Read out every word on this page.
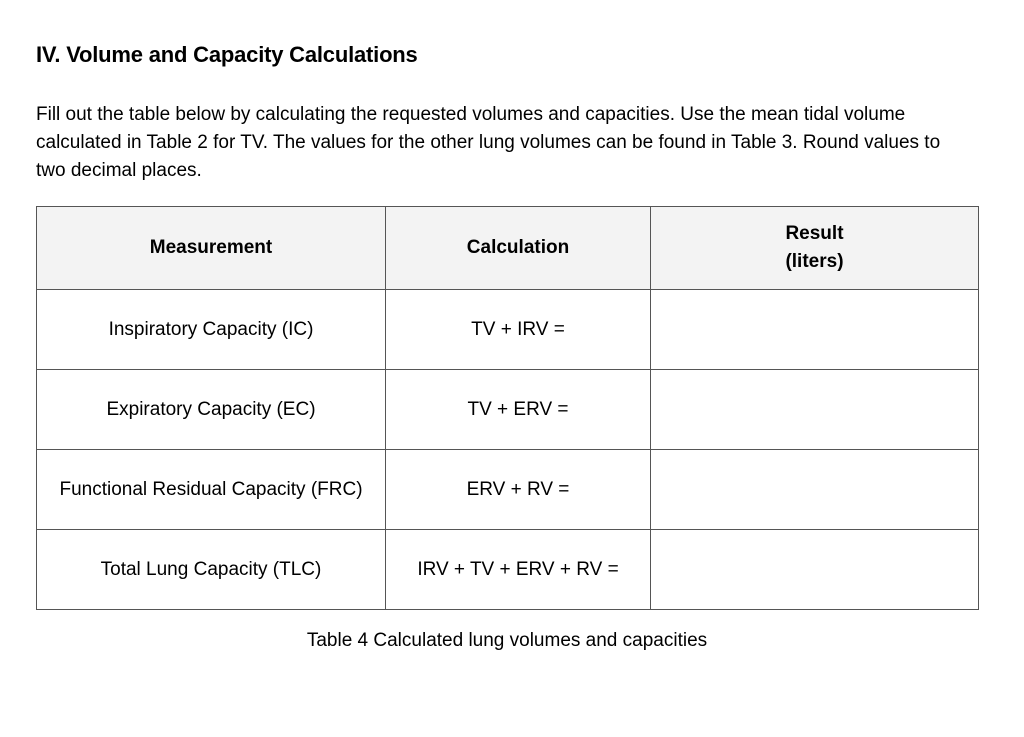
IV. Volume and Capacity Calculations
Fill out the table below by calculating the requested volumes and capacities. Use the mean tidal volume calculated in Table 2 for TV. The values for the other lung volumes can be found in Table 3. Round values to two decimal places.
Measurement	Calculation	Result
(liters)

Inspiratory Capacity (IC)	TV + IRV =	
Expiratory Capacity (EC)	TV + ERV =	
Functional Residual Capacity (FRC)	ERV + RV =	
Total Lung Capacity (TLC)	IRV + TV + ERV + RV =	
Table 4 Calculated lung volumes and capacities
